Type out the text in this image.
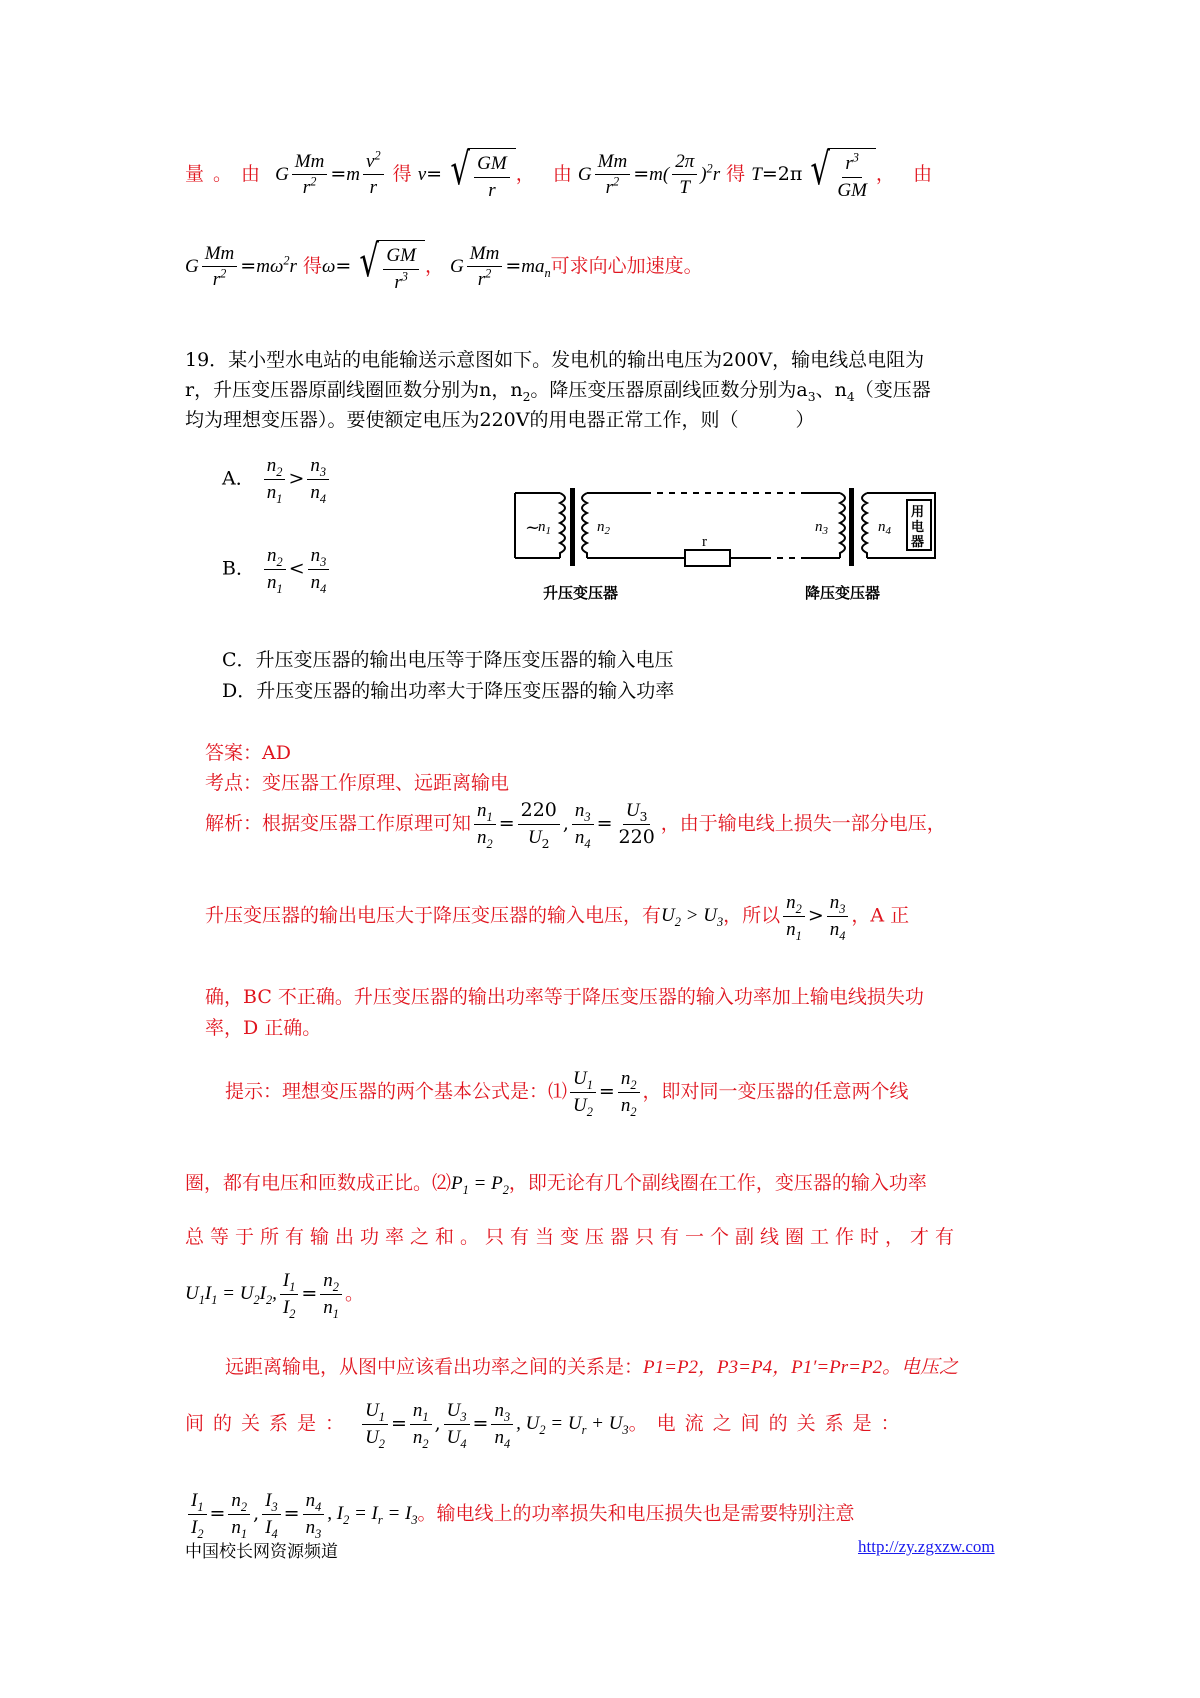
量。由 G $\frac{Mm}{r^2} =m \frac{v^2}{r}$ 得 v= √ $\frac{GM}{r}$ ， 由 G $\frac{Mm}{r^2} =m( \frac{2\pi}{T} )^2r$ 得 T=2π √ $\frac{r^3}{GM}$ ， 由
G $\frac{Mm}{r^2} =m\omega^2r$ 得ω= √ $\frac{GM}{r^3}$ ， G $\frac{Mm}{r^2} =ma_n$可求向心加速度。
19．某小型水电站的电能输送示意图如下。发电机的输出电压为200V，输电线总电阻为
r，升压变压器原副线圈匝数分别为n，$n_2$。降压变压器原副线匝数分别为$a_3$、$n_4$（变压器
均为理想变压器）。要使额定电压为220V的用电器正常工作，则（　　　）
A． $\frac{n_2}{n_1} > \frac{n_3}{n_4}$
B． $\frac{n_2}{n_1} < \frac{n_3}{n_4}$
C．升压变压器的输出电压等于降压变压器的输入电压
D．升压变压器的输出功率大于降压变压器的输入功率
~
$n_1$	$n_2$	$n_3$	$n_4$
r
用
电
器
升压变压器	降压变压器
答案：AD
考点：变压器工作原理、远距离输电
解析：根据变压器工作原理可知 $\frac{n_1}{n_2} = \frac{220}{U_2}$ , $\frac{n_3}{n_4} = \frac{U_3}{220}$ ，由于输电线上损失一部分电压，
升压变压器的输出电压大于降压变压器的输入电压，有$U_2 > U_3$，所以 $\frac{n_2}{n_1} > \frac{n_3}{n_4}$ ，A 正
确，BC 不正确。升压变压器的输出功率等于降压变压器的输入功率加上输电线损失功
率，D 正确。
提示：理想变压器的两个基本公式是：⑴ $\frac{U_1}{U_2} = \frac{n_2}{n_2}$ ，即对同一变压器的任意两个线
圈，都有电压和匝数成正比。$⑵P_1 = P_2$，即无论有几个副线圈在工作，变压器的输入功率
总等于所有输出功率之和。只有当变压器只有一个副线圈工作时，才有
$U_1I_1 = U_2I_2$, $\frac{I_1}{I_2} = \frac{n_2}{n_1}$ 。
远距离输电，从图中应该看出功率之间的关系是：P1=P2，P3=P4，P1′=Pr=P2。电压之
间的关系是： $\frac{U_1}{U_2} = \frac{n_1}{n_2}$ , $\frac{U_3}{U_4} = \frac{n_3}{n_4}$ , $U_2 = U_r + U_3$。电流之间的关系是：
$\frac{I_1}{I_2} = \frac{n_2}{n_1}$ , $\frac{I_3}{I_4} = \frac{n_4}{n_3}$ , $I_2 = I_r = I_3$。输电线上的功率损失和电压损失也是需要特别注意
中国校长网资源频道	http://zy.zgxzw.com
